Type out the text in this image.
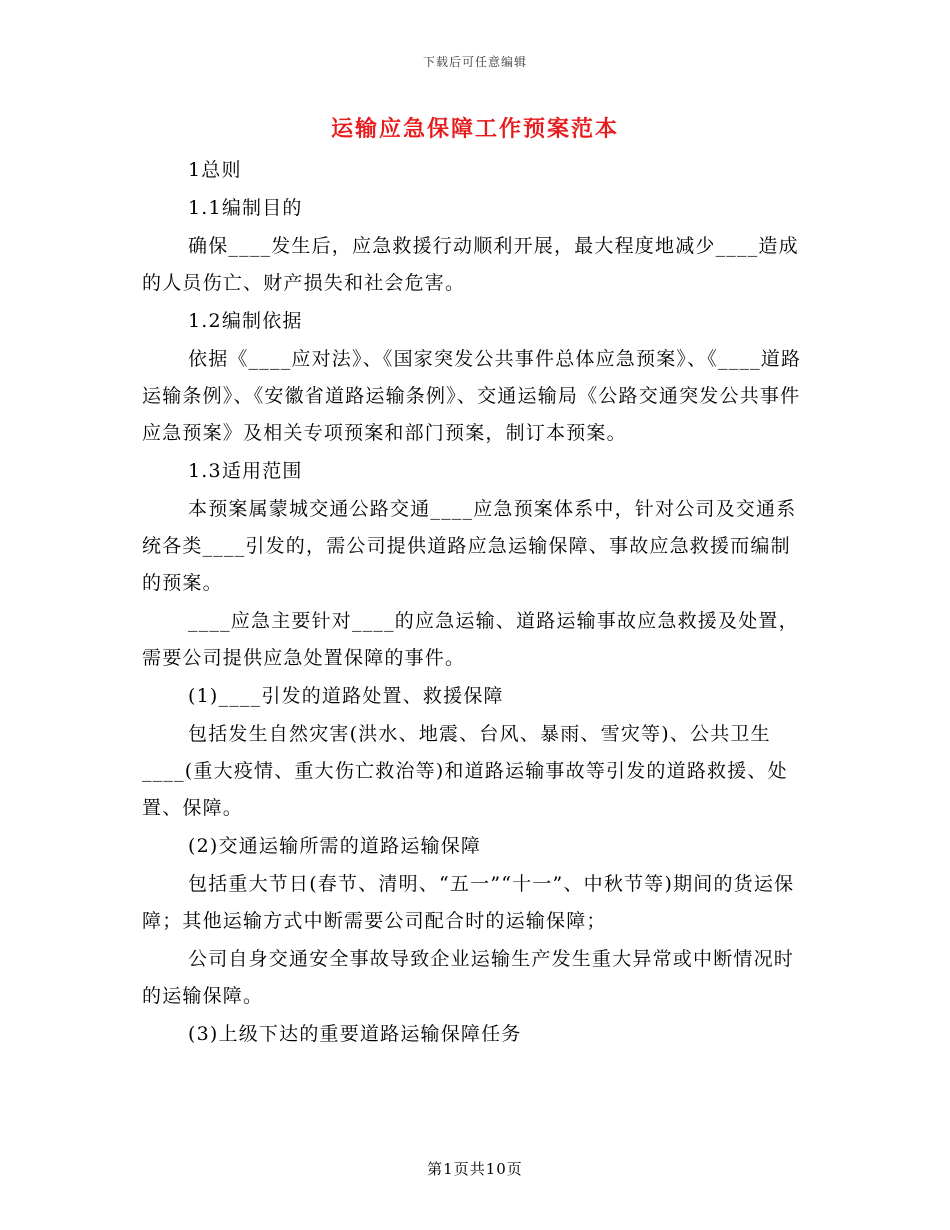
下载后可任意编辑
运输应急保障工作预案范本
1总则
1.1编制目的
确保____发生后，应急救援行动顺利开展，最大程度地减少____造成的人员伤亡、财产损失和社会危害。
1.2编制依据
依据《____应对法》、《国家突发公共事件总体应急预案》、《____道路运输条例》、《安徽省道路运输条例》、交通运输局《公路交通突发公共事件应急预案》及相关专项预案和部门预案，制订本预案。
1.3适用范围
本预案属蒙城交通公路交通____应急预案体系中，针对公司及交通系统各类____引发的，需公司提供道路应急运输保障、事故应急救援而编制的预案。
____应急主要针对____的应急运输、道路运输事故应急救援及处置，需要公司提供应急处置保障的事件。
(1)____引发的道路处置、救援保障
包括发生自然灾害(洪水、地震、台风、暴雨、雪灾等)、公共卫生____(重大疫情、重大伤亡救治等)和道路运输事故等引发的道路救援、处置、保障。
(2)交通运输所需的道路运输保障
包括重大节日(春节、清明、“五一”“十一”、中秋节等)期间的货运保障；其他运输方式中断需要公司配合时的运输保障；
公司自身交通安全事故导致企业运输生产发生重大异常或中断情况时的运输保障。
(3)上级下达的重要道路运输保障任务
第1页共10页
